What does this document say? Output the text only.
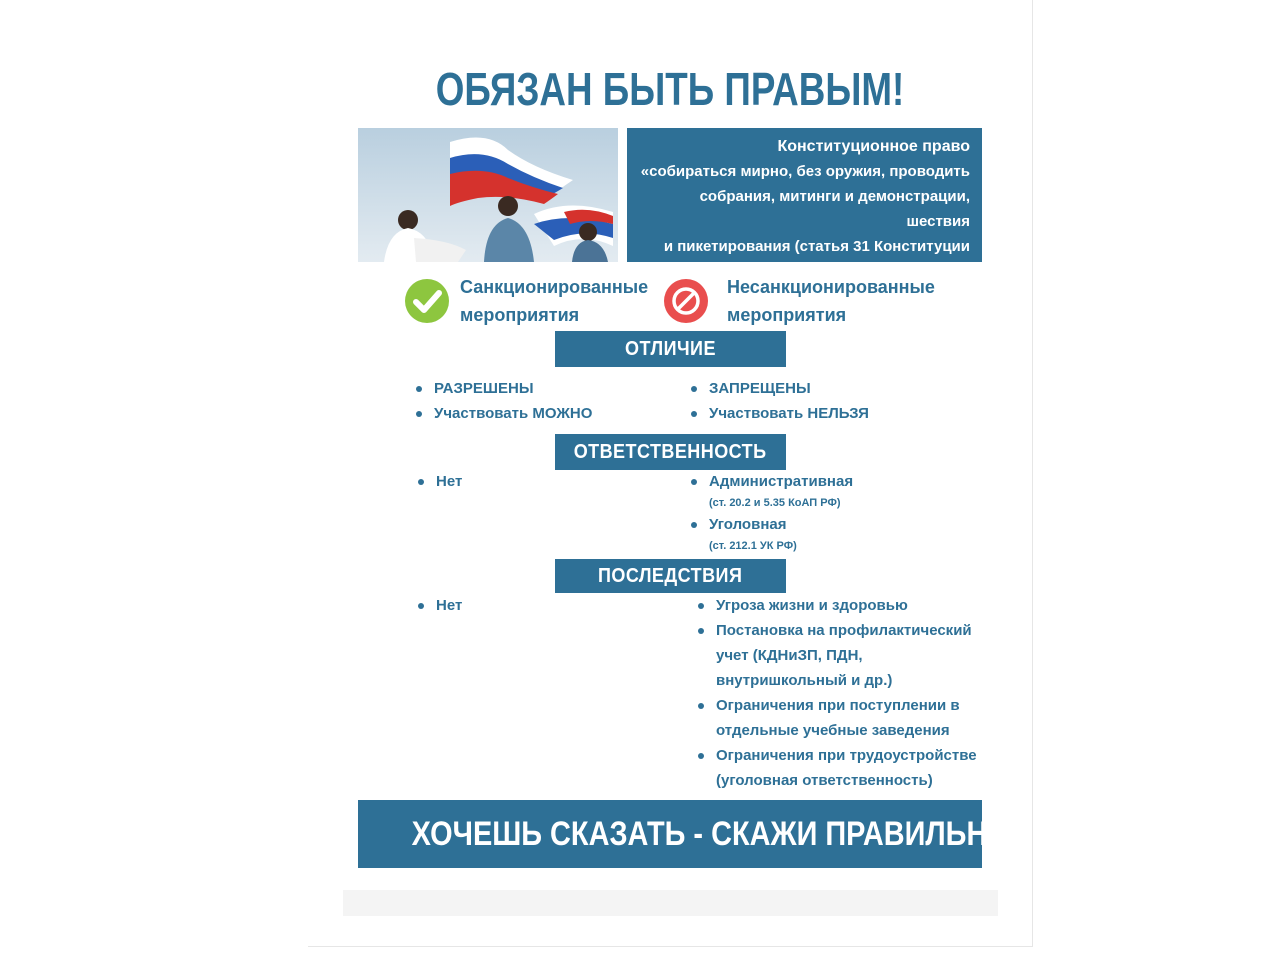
ОБЯЗАН БЫТЬ ПРАВЫМ!
Конституционное право
«собираться мирно, без оружия, проводить
собрания, митинги и демонстрации, шествия
и пикетирования (статья 31 Конституции
Российской Федерации)»
Санкционированные
мероприятия
Несанкционированные
мероприятия
ОТЛИЧИЕ
РАЗРЕШЕНЫ
Участвовать МОЖНО
ЗАПРЕЩЕНЫ
Участвовать НЕЛЬЗЯ
ОТВЕТСТВЕННОСТЬ
Нет	Административная
(ст. 20.2 и 5.35 КоАП РФ)
Уголовная
(ст. 212.1 УК РФ)
ПОСЛЕДСТВИЯ
Нет	Угроза жизни и здоровью
Постановка на профилактический
учет (КДНиЗП, ПДН,
внутришкольный и др.)
Ограничения при поступлении в
отдельные учебные заведения
Ограничения при трудоустройстве
(уголовная ответственность)
ХОЧЕШЬ СКАЗАТЬ - СКАЖИ ПРАВИЛЬНО!
